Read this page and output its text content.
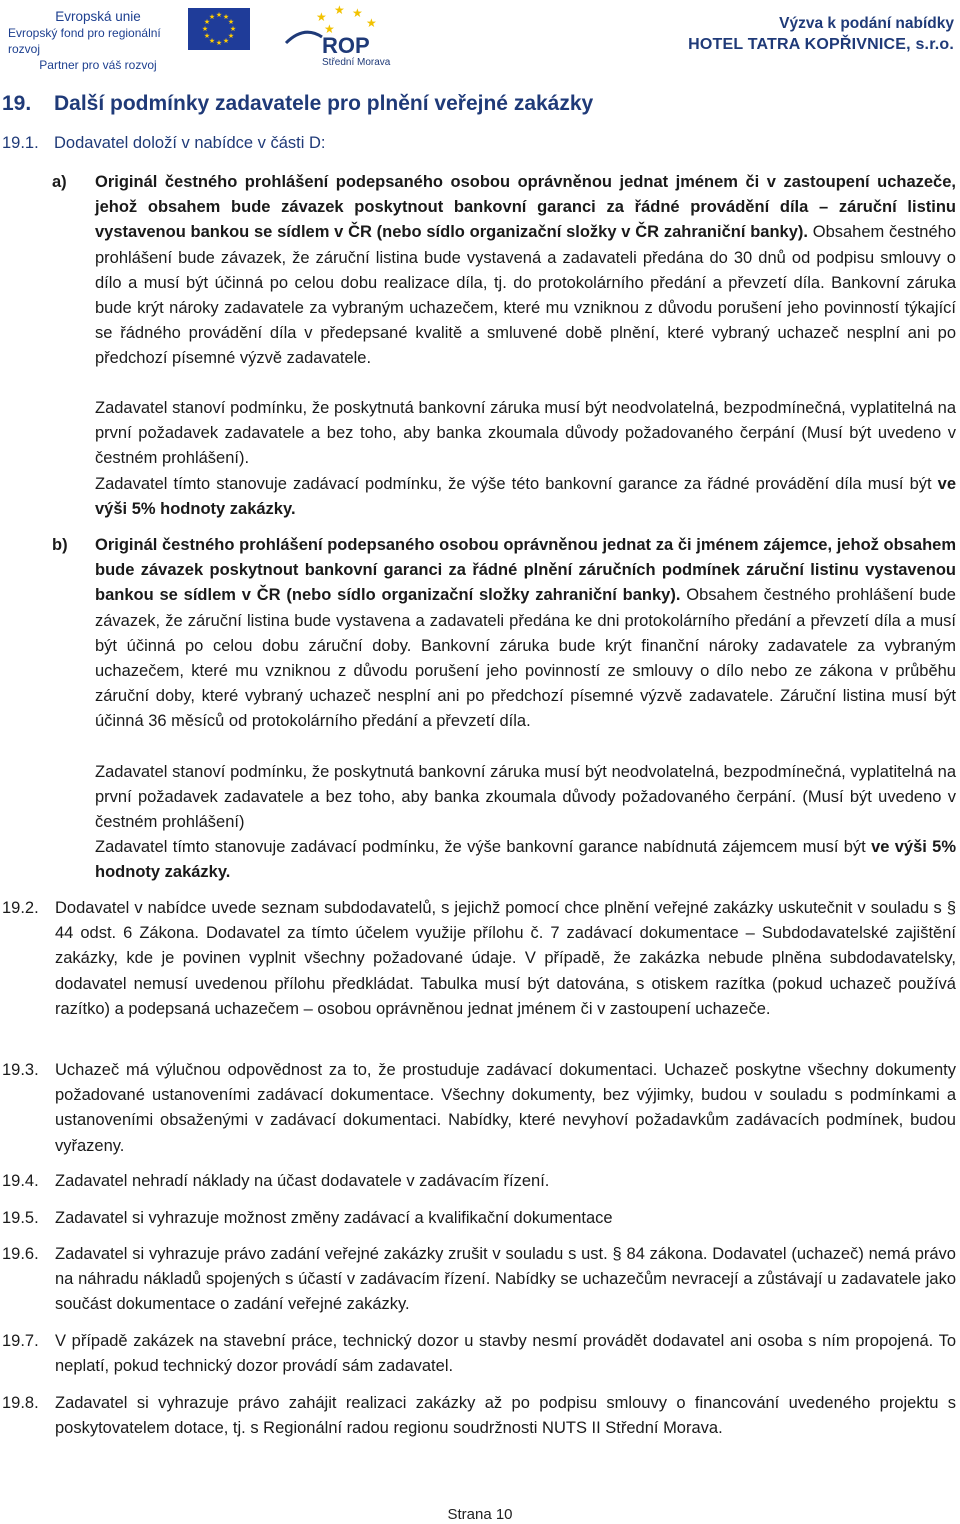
Evropská unie
Evropský fond pro regionální rozvoj
Partner pro váš rozvoj
★ ★
★
★
★
★
★
★
★
★
★
★	★ ★ ★
★
★
ROP
Střední Morava
Výzva k podání nabídky
HOTEL TATRA KOPŘIVNICE, s.r.o.
19. Další podmínky zadavatele pro plnění veřejné zakázky
19.1. Dodavatel doloží v nabídce v části D:
a) Originál čestného prohlášení podepsaného osobou oprávněnou jednat jménem či v zastoupení uchazeče, jehož obsahem bude závazek poskytnout bankovní garanci za řádné provádění díla – záruční listinu vystavenou bankou se sídlem v ČR (nebo sídlo organizační složky v ČR zahraniční banky). Obsahem čestného prohlášení bude závazek, že záruční listina bude vystavená a zadavateli předána do 30 dnů od podpisu smlouvy o dílo a musí být účinná po celou dobu realizace díla, tj. do protokolárního předání a převzetí díla. Bankovní záruka bude krýt nároky zadavatele za vybraným uchazečem, které mu vzniknou z důvodu porušení jeho povinností týkající se řádného provádění díla v předepsané kvalitě a smluvené době plnění, které vybraný uchazeč nesplní ani po předchozí písemné výzvě zadavatele.

Zadavatel stanoví podmínku, že poskytnutá bankovní záruka musí být neodvolatelná, bezpodmínečná, vyplatitelná na první požadavek zadavatele a bez toho, aby banka zkoumala důvody požadovaného čerpání (Musí být uvedeno v čestném prohlášení).

Zadavatel tímto stanovuje zadávací podmínku, že výše této bankovní garance za řádné provádění díla musí být ve výši 5% hodnoty zakázky.

b) Originál čestného prohlášení podepsaného osobou oprávněnou jednat za či jménem zájemce, jehož obsahem bude závazek poskytnout bankovní garanci za řádné plnění záručních podmínek záruční listinu vystavenou bankou se sídlem v ČR (nebo sídlo organizační složky zahraniční banky). Obsahem čestného prohlášení bude závazek, že záruční listina bude vystavena a zadavateli předána ke dni protokolárního předání a převzetí díla a musí být účinná po celou dobu záruční doby. Bankovní záruka bude krýt finanční nároky zadavatele za vybraným uchazečem, které mu vzniknou z důvodu porušení jeho povinností ze smlouvy o dílo nebo ze zákona v průběhu záruční doby, které vybraný uchazeč nesplní ani po předchozí písemné výzvě zadavatele. Záruční listina musí být účinná 36 měsíců od protokolárního předání a převzetí díla.

Zadavatel stanoví podmínku, že poskytnutá bankovní záruka musí být neodvolatelná, bezpodmínečná, vyplatitelná na první požadavek zadavatele a bez toho, aby banka zkoumala důvody požadovaného čerpání. (Musí být uvedeno v čestném prohlášení)

Zadavatel tímto stanovuje zadávací podmínku, že výše bankovní garance nabídnutá zájemcem musí být ve výši 5% hodnoty zakázky.

19.2. Dodavatel v nabídce uvede seznam subdodavatelů, s jejichž pomocí chce plnění veřejné zakázky uskutečnit v souladu s § 44 odst. 6 Zákona. Dodavatel za tímto účelem využije přílohu č. 7 zadávací dokumentace – Subdodavatelské zajištění zakázky, kde je povinen vyplnit všechny požadované údaje. V případě, že zakázka nebude plněna subdodavatelsky, dodavatel nemusí uvedenou přílohu předkládat. Tabulka musí být datována, s otiskem razítka (pokud uchazeč používá razítko) a podepsaná uchazečem – osobou oprávněnou jednat jménem či v zastoupení uchazeče.

19.3. Uchazeč má výlučnou odpovědnost za to, že prostuduje zadávací dokumentaci. Uchazeč poskytne všechny dokumenty požadované ustanoveními zadávací dokumentace. Všechny dokumenty, bez výjimky, budou v souladu s podmínkami a ustanoveními obsaženými v zadávací dokumentaci. Nabídky, které nevyhoví požadavkům zadávacích podmínek, budou vyřazeny.

19.4. Zadavatel nehradí náklady na účast dodavatele v zadávacím řízení.

19.5. Zadavatel si vyhrazuje možnost změny zadávací a kvalifikační dokumentace

19.6. Zadavatel si vyhrazuje právo zadání veřejné zakázky zrušit v souladu s ust. § 84 zákona. Dodavatel (uchazeč) nemá právo na náhradu nákladů spojených s účastí v zadávacím řízení. Nabídky se uchazečům nevracejí a zůstávají u zadavatele jako součást dokumentace o zadání veřejné zakázky.

19.7. V případě zakázek na stavební práce, technický dozor u stavby nesmí provádět dodavatel ani osoba s ním propojená. To neplatí, pokud technický dozor provádí sám zadavatel.

19.8. Zadavatel si vyhrazuje právo zahájit realizaci zakázky až po podpisu smlouvy o financování uvedeného projektu s poskytovatelem dotace, tj. s Regionální radou regionu soudržnosti NUTS II Střední Morava.

Strana 10
